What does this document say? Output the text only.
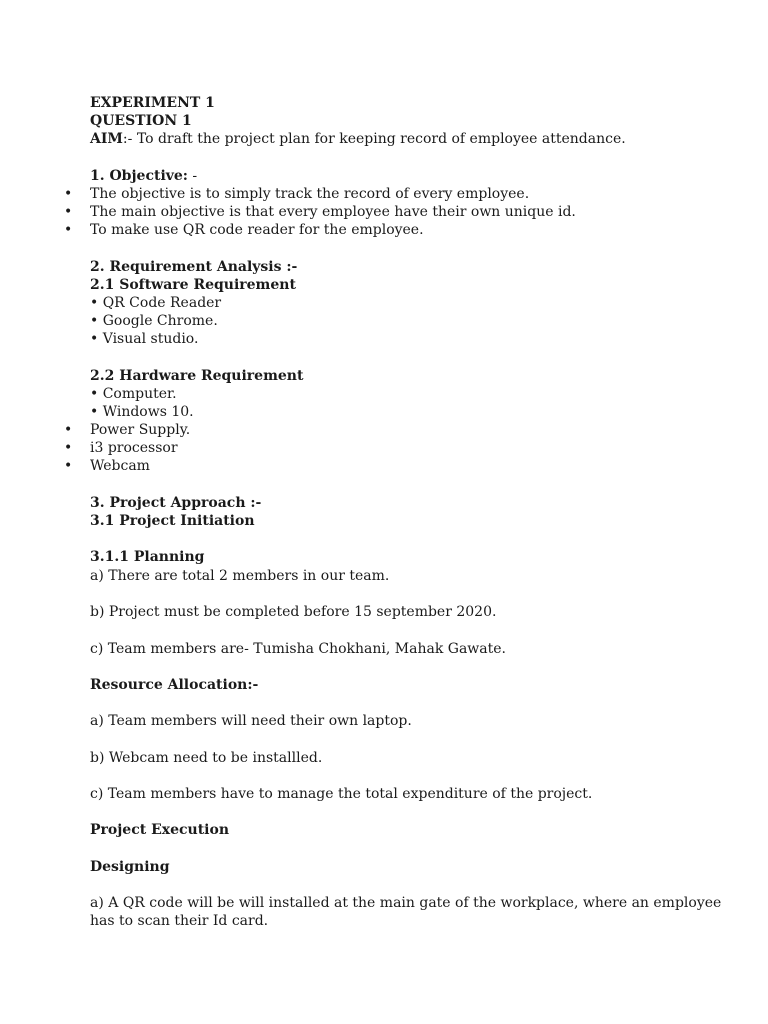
EXPERIMENT 1
QUESTION 1
AIM:- To draft the project plan for keeping record of employee attendance.
1. Objective: -
• The objective is to simply track the record of every employee.
• The main objective is that every employee have their own unique id.
• To make use QR code reader for the employee.
2. Requirement Analysis :-
2.1 Software Requirement
• QR Code Reader
• Google Chrome.
• Visual studio.
2.2 Hardware Requirement
• Computer.
• Windows 10.
• Power Supply.
• i3 processor
• Webcam
3. Project Approach :-
3.1 Project Initiation
3.1.1 Planning
a) There are total 2 members in our team.
b) Project must be completed before 15 september 2020.
c) Team members are- Tumisha Chokhani, Mahak Gawate.
Resource Allocation:-
a) Team members will need their own laptop.
b) Webcam need to be installled.
c) Team members have to manage the total expenditure of the project.
Project Execution
Designing
a) A QR code will be will installed at the main gate of the workplace, where an employee
has to scan their Id card.
